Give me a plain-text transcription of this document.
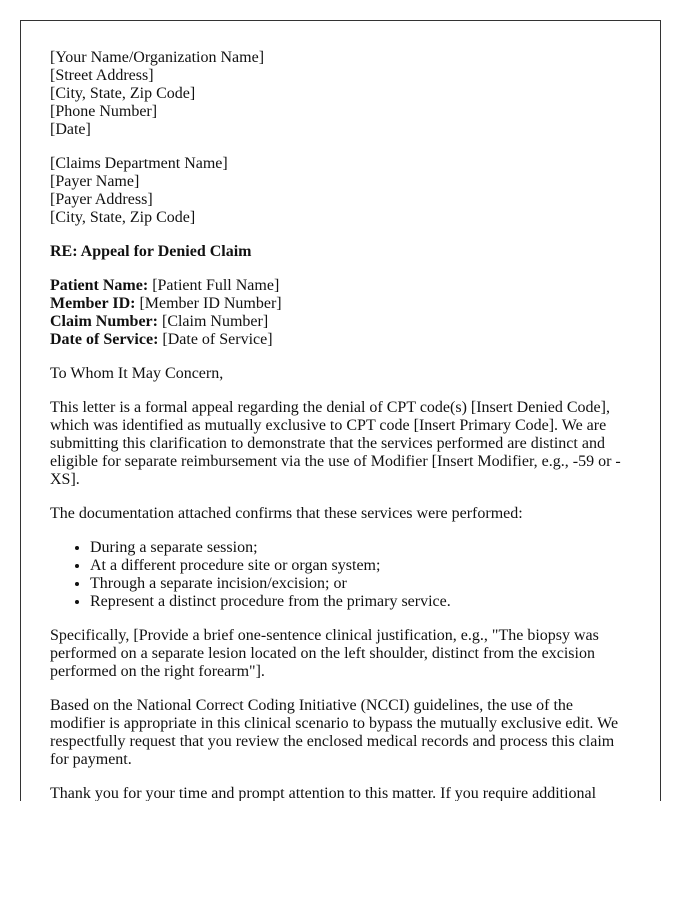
[Your Name/Organization Name]
[Street Address]
[City, State, Zip Code]
[Phone Number]
[Date]

[Claims Department Name]
[Payer Name]
[Payer Address]
[City, State, Zip Code]

RE: Appeal for Denied Claim

Patient Name: [Patient Full Name]
Member ID: [Member ID Number]
Claim Number: [Claim Number]
Date of Service: [Date of Service]

To Whom It May Concern,

This letter is a formal appeal regarding the denial of CPT code(s) [Insert Denied Code], which was identified as mutually exclusive to CPT code [Insert Primary Code]. We are submitting this clarification to demonstrate that the services performed are distinct and eligible for separate reimbursement via the use of Modifier [Insert Modifier, e.g., -59 or -XS].

The documentation attached confirms that these services were performed:

• During a separate session;
• At a different procedure site or organ system;
• Through a separate incision/excision; or
• Represent a distinct procedure from the primary service.

Specifically, [Provide a brief one-sentence clinical justification, e.g., "The biopsy was performed on a separate lesion located on the left shoulder, distinct from the excision performed on the right forearm"].

Based on the National Correct Coding Initiative (NCCI) guidelines, the use of the modifier is appropriate in this clinical scenario to bypass the mutually exclusive edit. We respectfully request that you review the enclosed medical records and process this claim for payment.

Thank you for your time and prompt attention to this matter. If you require additional
